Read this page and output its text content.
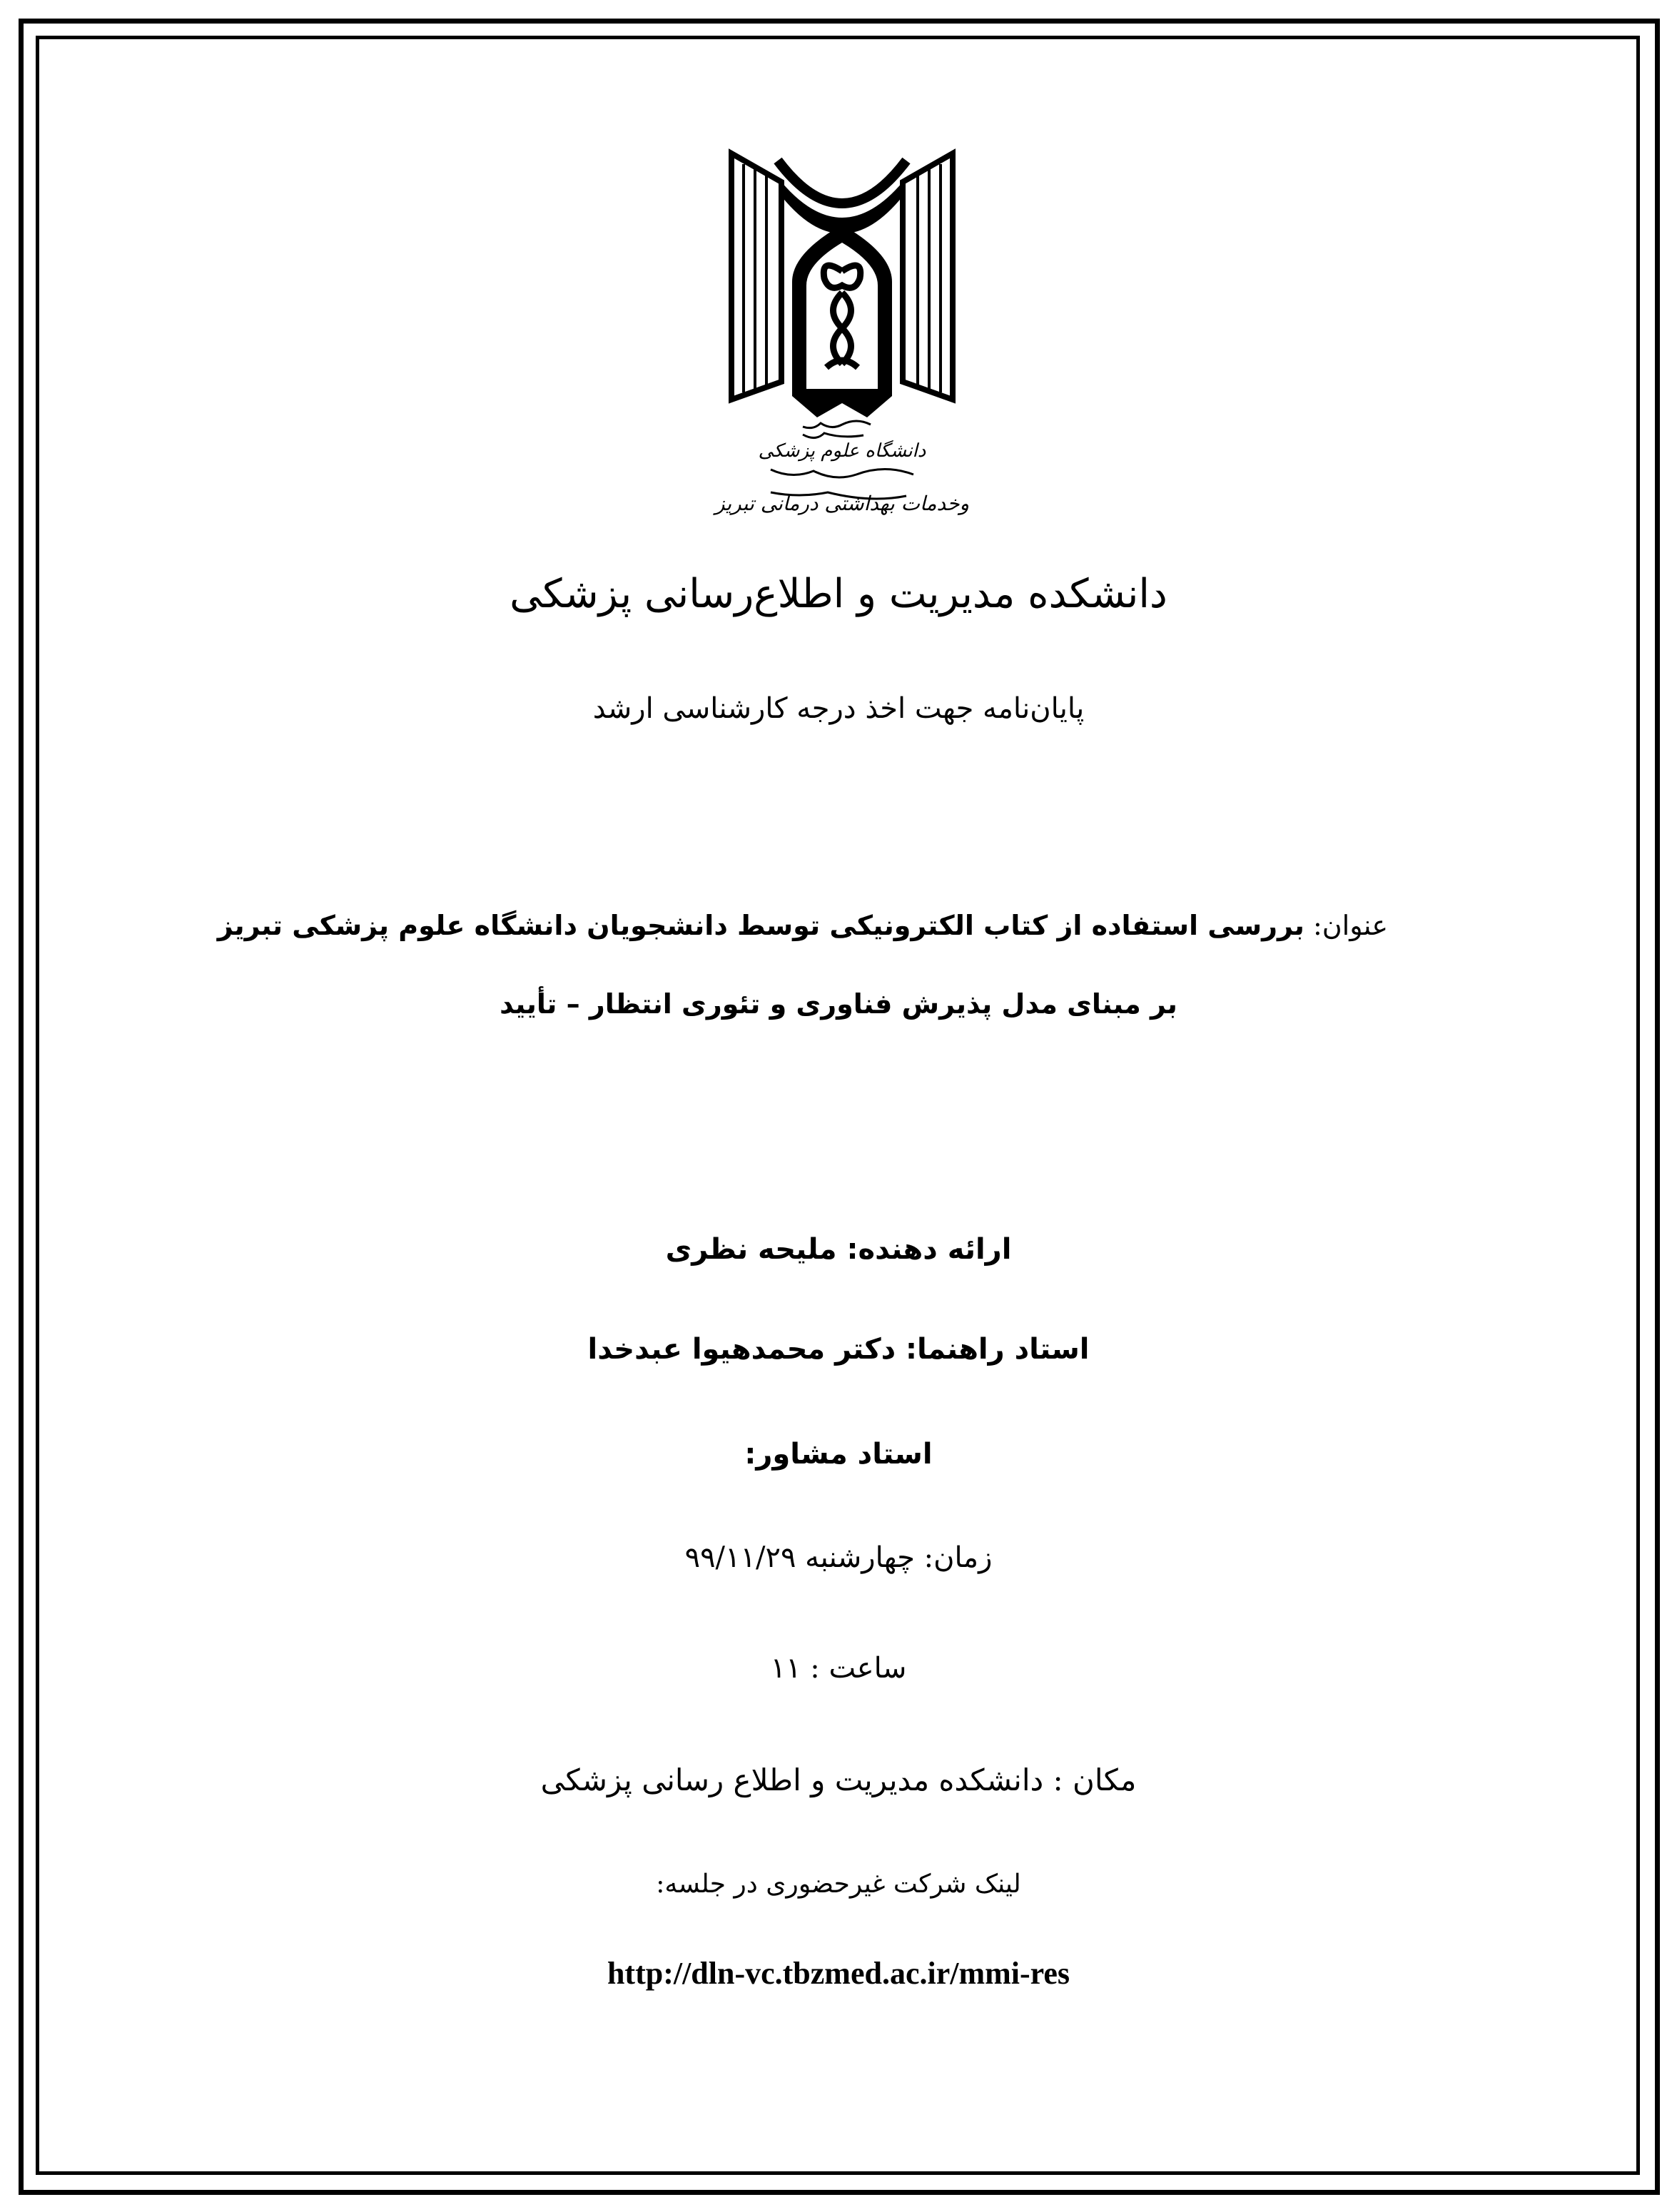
دانشگاه علوم پزشکی
وخدمات بهداشتی درمانی تبریز
دانشکده مدیریت و اطلاع‌رسانی پزشکی
پایان‌نامه جهت اخذ درجه کارشناسی ارشد
عنوان: بررسی استفاده از کتاب الکترونیکی توسط دانشجویان دانشگاه علوم پزشکی تبریز
بر مبنای مدل پذیرش فناوری و تئوری انتظار – تأیید
ارائه دهنده: ملیحه نظری
استاد راهنما: دکتر محمدهیوا عبدخدا
استاد مشاور:
زمان: چهارشنبه ۹۹/۱۱/۲۹
ساعت : ۱۱
مکان : دانشکده مدیریت و اطلاع رسانی پزشکی
لینک شرکت غیرحضوری در جلسه:
http://dln-vc.tbzmed.ac.ir/mmi-res
